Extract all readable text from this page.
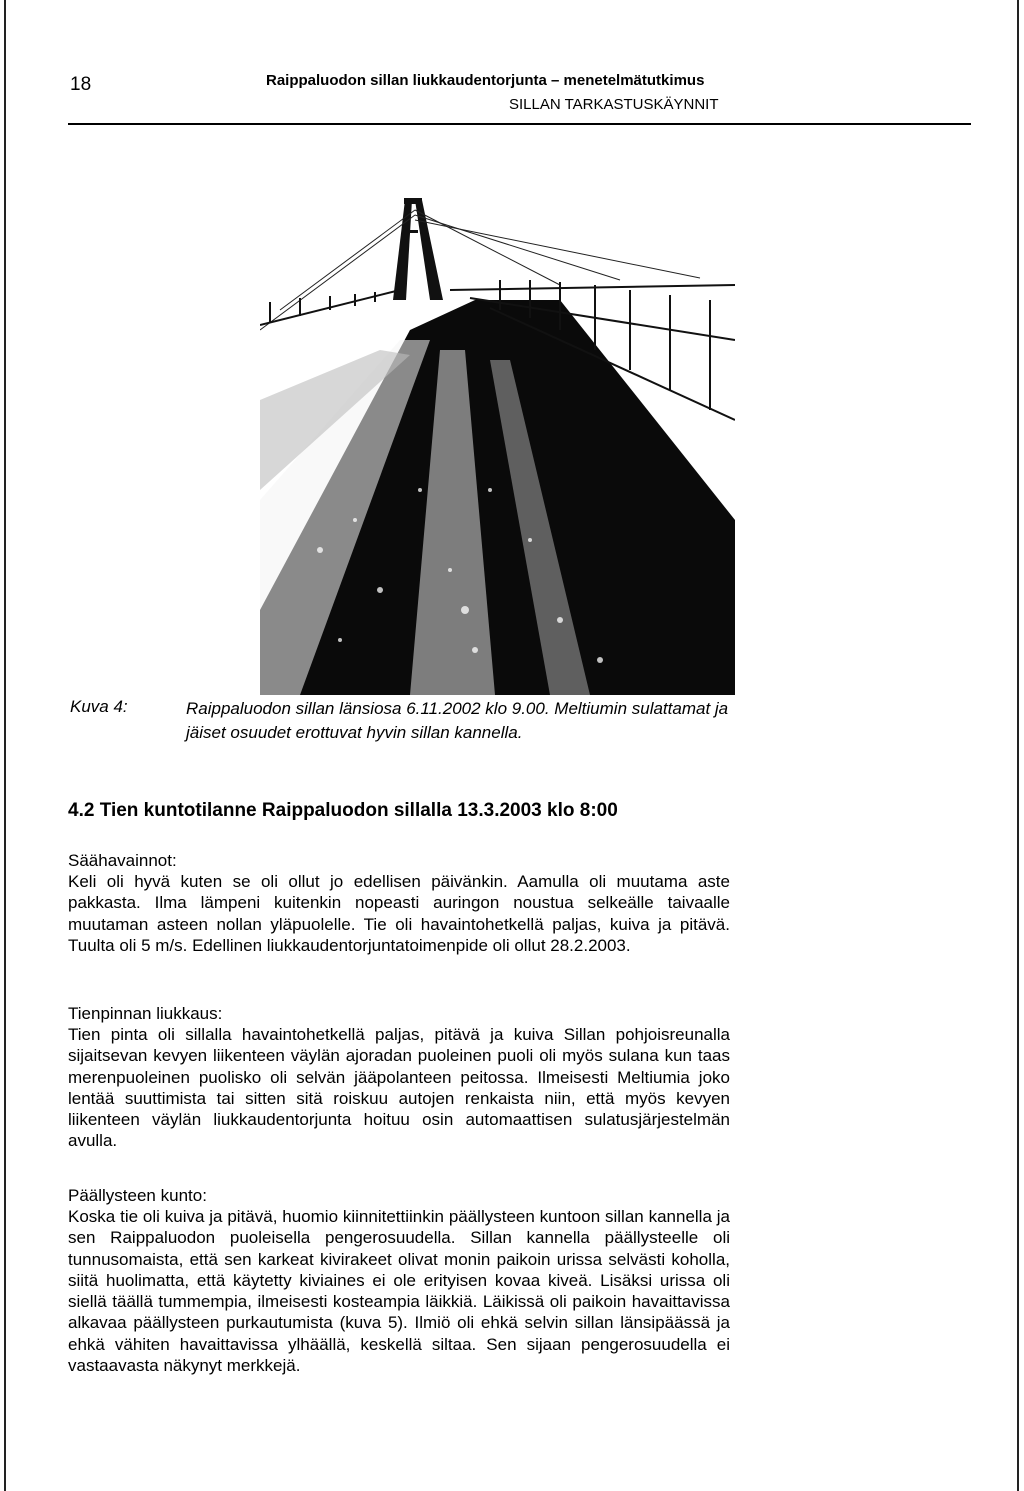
18	Raippaluodon sillan liukkaudentorjunta – menetelmätutkimus
SILLAN TARKASTUSKÄYNNIT
Kuva 4:	Raippaluodon sillan länsiosa 6.11.2002 klo 9.00. Meltiumin sulattamat ja jäiset osuudet erottuvat hyvin sillan kannella.
4.2 Tien kuntotilanne Raippaluodon sillalla 13.3.2003 klo 8:00
Säähavainnot:
Keli oli hyvä kuten se oli ollut jo edellisen päivänkin. Aamulla oli muutama aste pakkasta. Ilma lämpeni kuitenkin nopeasti auringon noustua selkeälle taivaalle muutaman asteen nollan yläpuolelle. Tie oli havaintohetkellä paljas, kuiva ja pitävä. Tuulta oli 5 m/s. Edellinen liukkaudentorjuntatoimenpide oli ollut 28.2.2003.
Tienpinnan liukkaus:
Tien pinta oli sillalla havaintohetkellä paljas, pitävä ja kuiva Sillan pohjoisreunalla sijaitsevan kevyen liikenteen väylän ajoradan puoleinen puoli oli myös sulana kun taas merenpuoleinen puolisko oli selvän jääpolanteen peitossa. Ilmeisesti Meltiumia joko lentää suuttimista tai sitten sitä roiskuu autojen renkaista niin, että myös kevyen liikenteen väylän liukkaudentorjunta hoituu osin automaattisen sulatusjärjestelmän avulla.
Päällysteen kunto:
Koska tie oli kuiva ja pitävä, huomio kiinnitettiinkin päällysteen kuntoon sillan kannella ja sen Raippaluodon puoleisella pengerosuudella. Sillan kannella päällysteelle oli tunnusomaista, että sen karkeat kivirakeet olivat monin paikoin urissa selvästi koholla, siitä huolimatta, että käytetty kiviaines ei ole erityisen kovaa kiveä. Lisäksi urissa oli siellä täällä tummempia, ilmeisesti kosteampia läikkiä. Läikissä oli paikoin havaittavissa alkavaa päällysteen purkautumista (kuva 5). Ilmiö oli ehkä selvin sillan länsipäässä ja ehkä vähiten havaittavissa ylhäällä, keskellä siltaa. Sen sijaan pengerosuudella ei vastaavasta näkynyt merkkejä.
